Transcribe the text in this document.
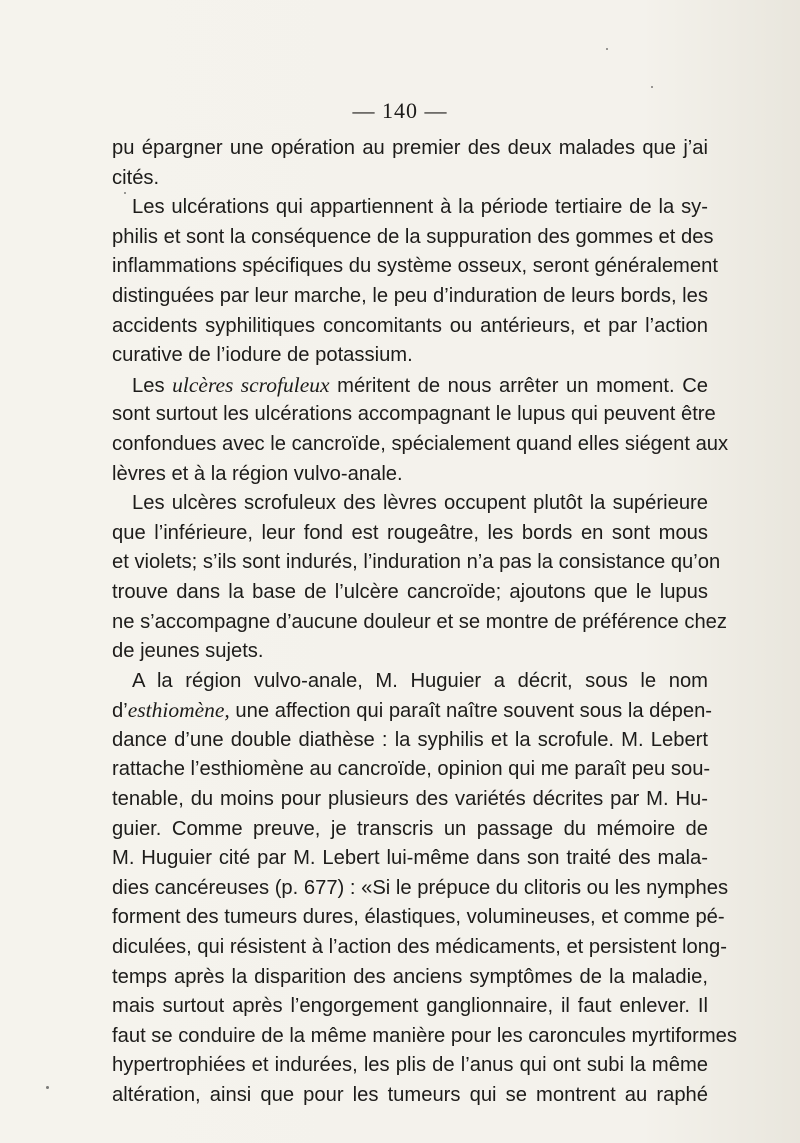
— 140 —
pu épargner une opération au premier des deux malades que j’ai
cités.
Les ulcérations qui appartiennent à la période tertiaire de la sy-
philis et sont la conséquence de la suppuration des gommes et des
inflammations spécifiques du système osseux, seront généralement
distinguées par leur marche, le peu d’induration de leurs bords, les
accidents syphilitiques concomitants ou antérieurs, et par l’action
curative de l’iodure de potassium.
Les ulcères scrofuleux méritent de nous arrêter un moment. Ce
sont surtout les ulcérations accompagnant le lupus qui peuvent être
confondues avec le cancroïde, spécialement quand elles siégent aux
lèvres et à la région vulvo-anale.
Les ulcères scrofuleux des lèvres occupent plutôt la supérieure
que l’inférieure, leur fond est rougeâtre, les bords en sont mous
et violets; s’ils sont indurés, l’induration n’a pas la consistance qu’on
trouve dans la base de l’ulcère cancroïde; ajoutons que le lupus
ne s’accompagne d’aucune douleur et se montre de préférence chez
de jeunes sujets.
A la région vulvo-anale, M. Huguier a décrit, sous le nom
d’esthiomène, une affection qui paraît naître souvent sous la dépen-
dance d’une double diathèse : la syphilis et la scrofule. M. Lebert
rattache l’esthiomène au cancroïde, opinion qui me paraît peu sou-
tenable, du moins pour plusieurs des variétés décrites par M. Hu-
guier. Comme preuve, je transcris un passage du mémoire de
M. Huguier cité par M. Lebert lui-même dans son traité des mala-
dies cancéreuses (p. 677) : «Si le prépuce du clitoris ou les nymphes
forment des tumeurs dures, élastiques, volumineuses, et comme pé-
diculées, qui résistent à l’action des médicaments, et persistent long-
temps après la disparition des anciens symptômes de la maladie,
mais surtout après l’engorgement ganglionnaire, il faut enlever. Il
faut se conduire de la même manière pour les caroncules myrtiformes
hypertrophiées et indurées, les plis de l’anus qui ont subi la même
altération, ainsi que pour les tumeurs qui se montrent au raphé
